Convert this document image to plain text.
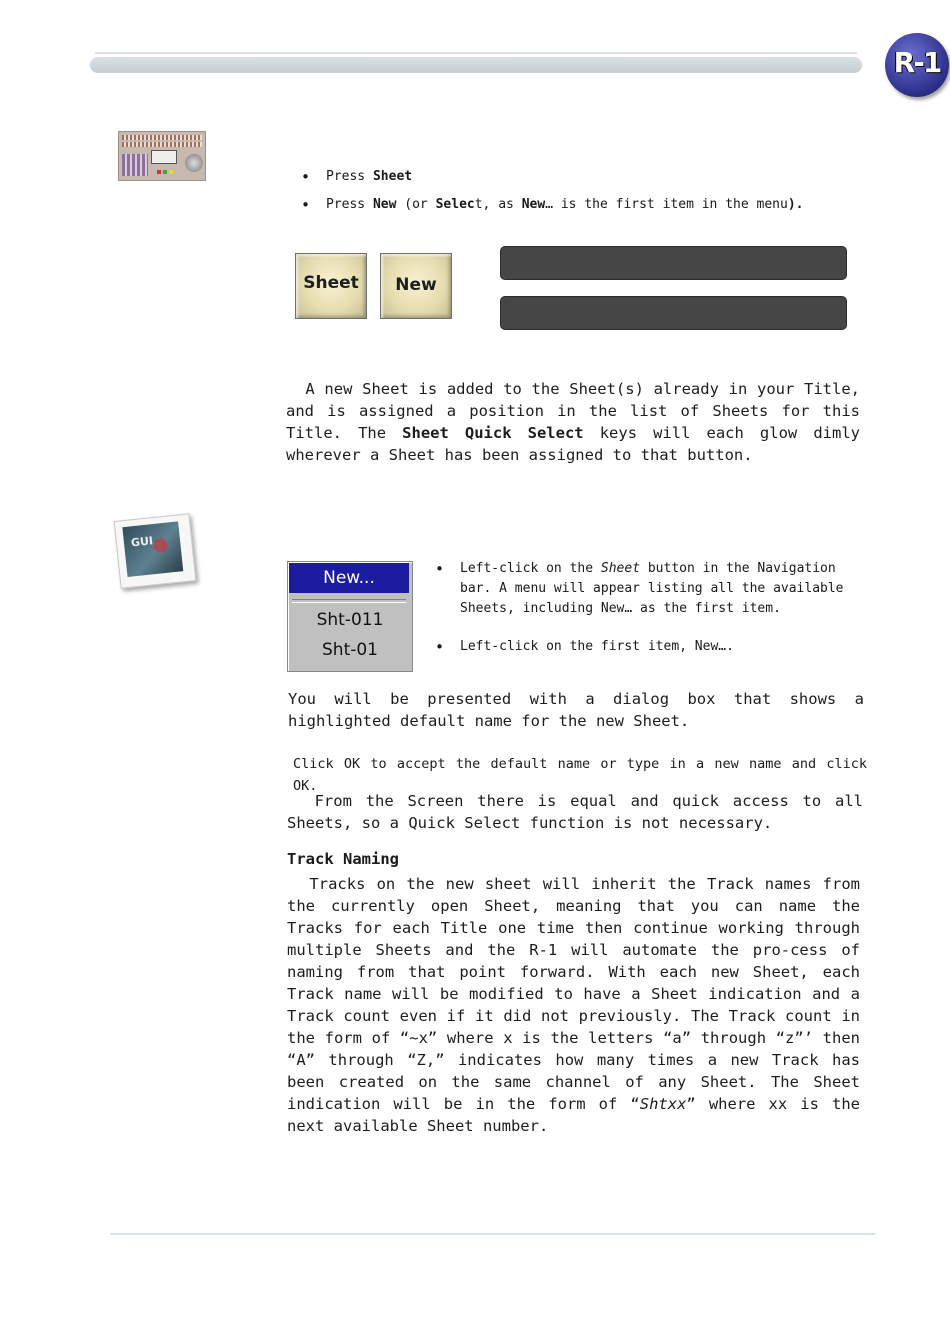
R-1
• Press Sheet
• Press New (or Select, as New… is the first item in the menu).
Sheet	New

A new Sheet is added to the Sheet(s) already in your Title, and is assigned a position in the list of Sheets for this Title. The Sheet Quick Select keys will each glow dimly wherever a Sheet has been assigned to that button.

GUI
New...
Sht-011
Sht-01
• Left-click on the Sheet button in the Navigation bar. A menu will appear listing all the available Sheets, including New… as the first item.
• Left-click on the first item, New….

You will be presented with a dialog box that shows a highlighted default name for the new Sheet.

Click OK to accept the default name or type in a new name and click OK.

From the Screen there is equal and quick access to all Sheets, so a Quick Select function is not necessary.

Track Naming

Tracks on the new sheet will inherit the Track names from the currently open Sheet, meaning that you can name the Tracks for each Title one time then continue working through multiple Sheets and the R-1 will automate the pro-cess of naming from that point forward. With each new Sheet, each Track name will be modified to have a Sheet indication and a Track count even if it did not previously. The Track count in the form of “~x” where x is the letters “a” through “z”’ then “A” through “Z,” indicates how many times a new Track has been created on the same channel of any Sheet. The Sheet indication will be in the form of “Shtxx” where xx is the next available Sheet number.
